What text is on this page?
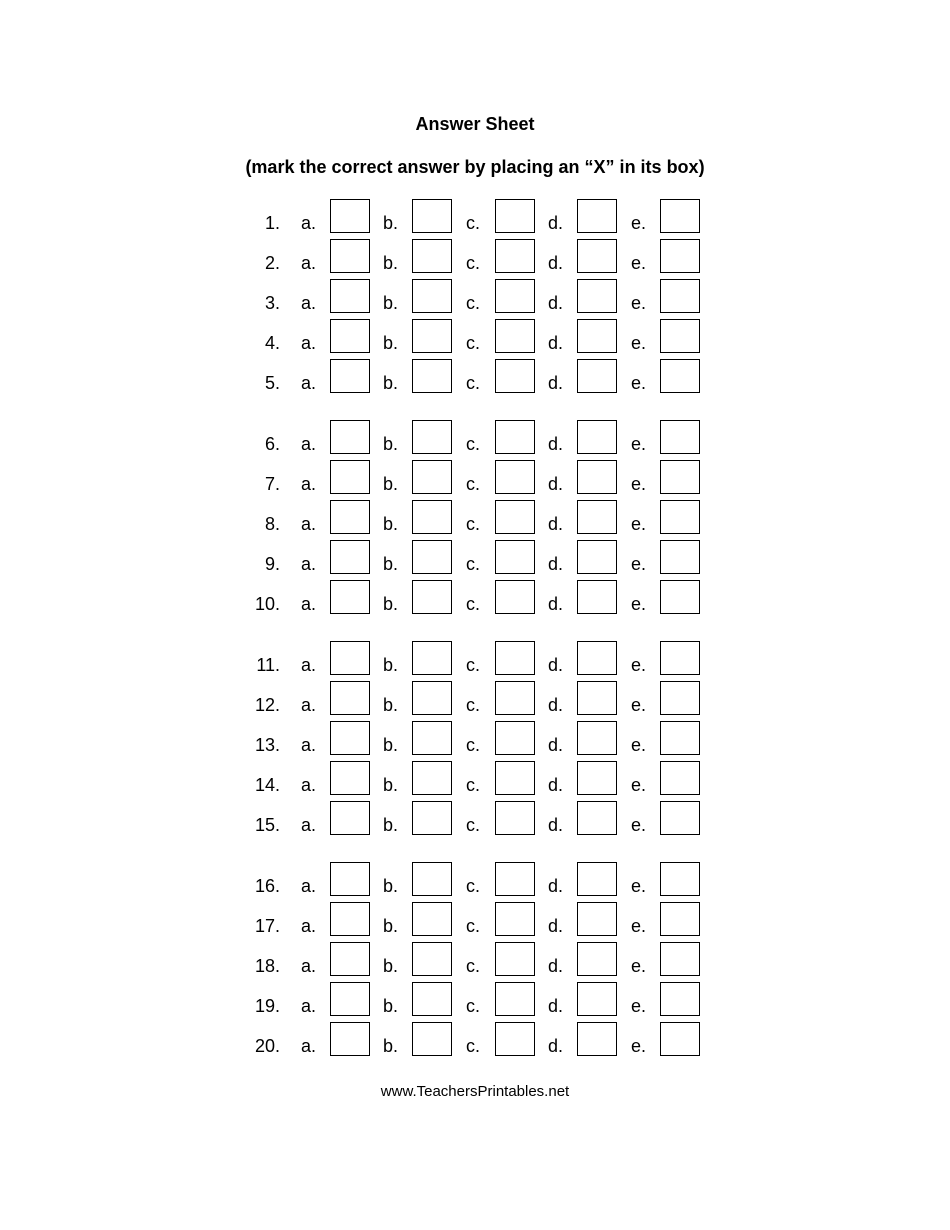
Answer Sheet
(mark the correct answer by placing an “X” in its box)
1. a.	b.	c.	d.	e.
2. a.	b.	c.	d.	e.
3. a.	b.	c.	d.	e.
4. a.	b.	c.	d.	e.
5. a.	b.	c.	d.	e.
6. a.	b.	c.	d.	e.
7. a.	b.	c.	d.	e.
8. a.	b.	c.	d.	e.
9. a.	b.	c.	d.	e.
10. a.	b.	c.	d.	e.
11. a.	b.	c.	d.	e.
12. a.	b.	c.	d.	e.
13. a.	b.	c.	d.	e.
14. a.	b.	c.	d.	e.
15. a.	b.	c.	d.	e.
16. a.	b.	c.	d.	e.
17. a.	b.	c.	d.	e.
18. a.	b.	c.	d.	e.
19. a.	b.	c.	d.	e.
20. a.	b.	c.	d.	e.
www.TeachersPrintables.net
